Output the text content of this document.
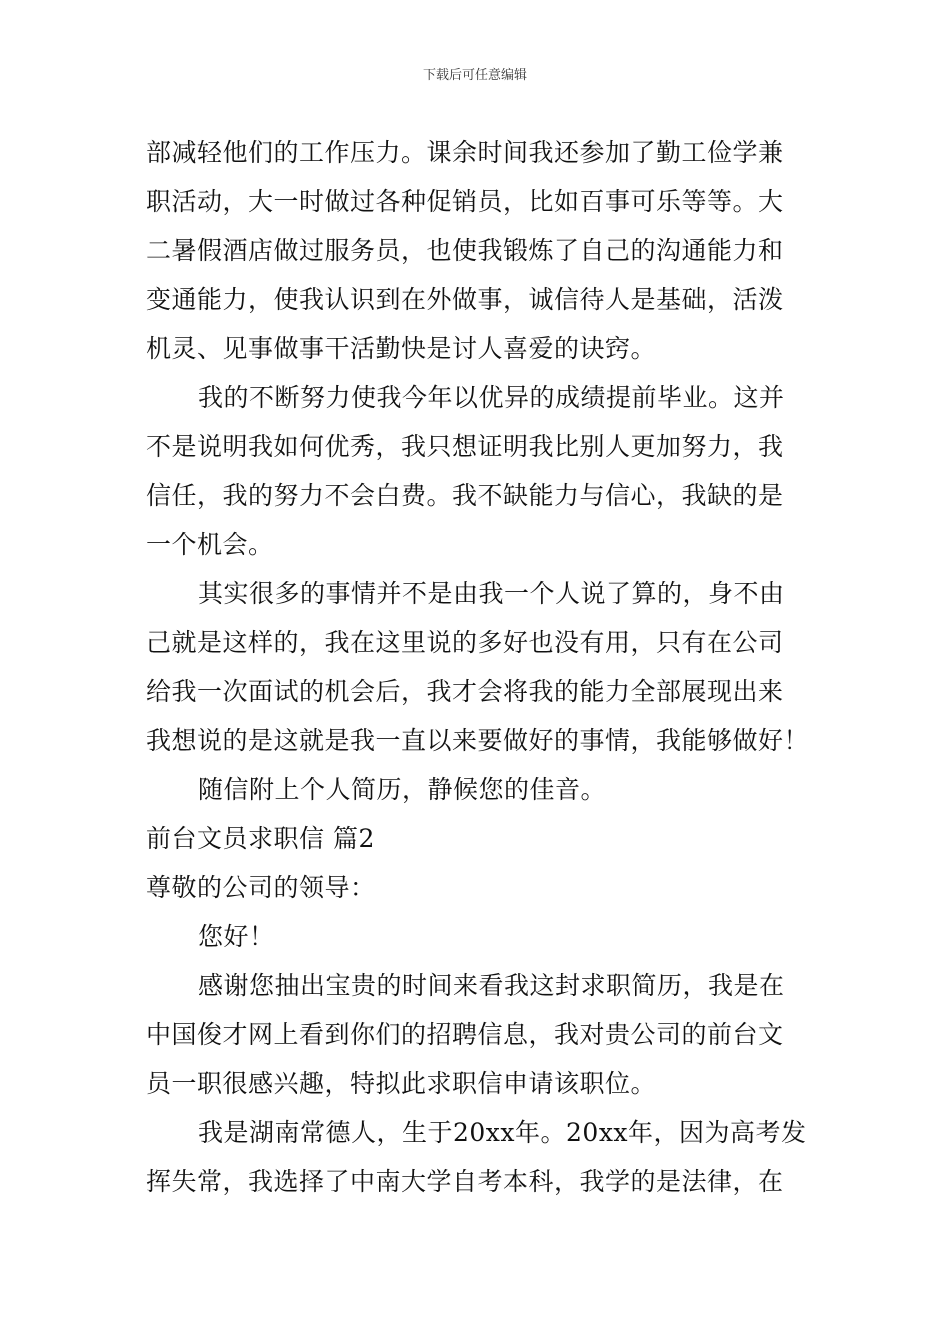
下载后可任意编辑
部减轻他们的工作压力。课余时间我还参加了勤工俭学兼
职活动，大一时做过各种促销员，比如百事可乐等等。大
二暑假酒店做过服务员，也使我锻炼了自己的沟通能力和
变通能力，使我认识到在外做事，诚信待人是基础，活泼
机灵、见事做事干活勤快是讨人喜爱的诀窍。
我的不断努力使我今年以优异的成绩提前毕业。这并
不是说明我如何优秀，我只想证明我比别人更加努力，我
信任，我的努力不会白费。我不缺能力与信心，我缺的是
一个机会。
其实很多的事情并不是由我一个人说了算的，身不由
己就是这样的，我在这里说的多好也没有用，只有在公司
给我一次面试的机会后，我才会将我的能力全部展现出来
我想说的是这就是我一直以来要做好的事情，我能够做好！
随信附上个人简历，静候您的佳音。
前台文员求职信 篇2
尊敬的公司的领导：
您好！
感谢您抽出宝贵的时间来看我这封求职简历，我是在
中国俊才网上看到你们的招聘信息，我对贵公司的前台文
员一职很感兴趣，特拟此求职信申请该职位。
我是湖南常德人，生于20xx年。20xx年，因为高考发
挥失常，我选择了中南大学自考本科，我学的是法律，在
